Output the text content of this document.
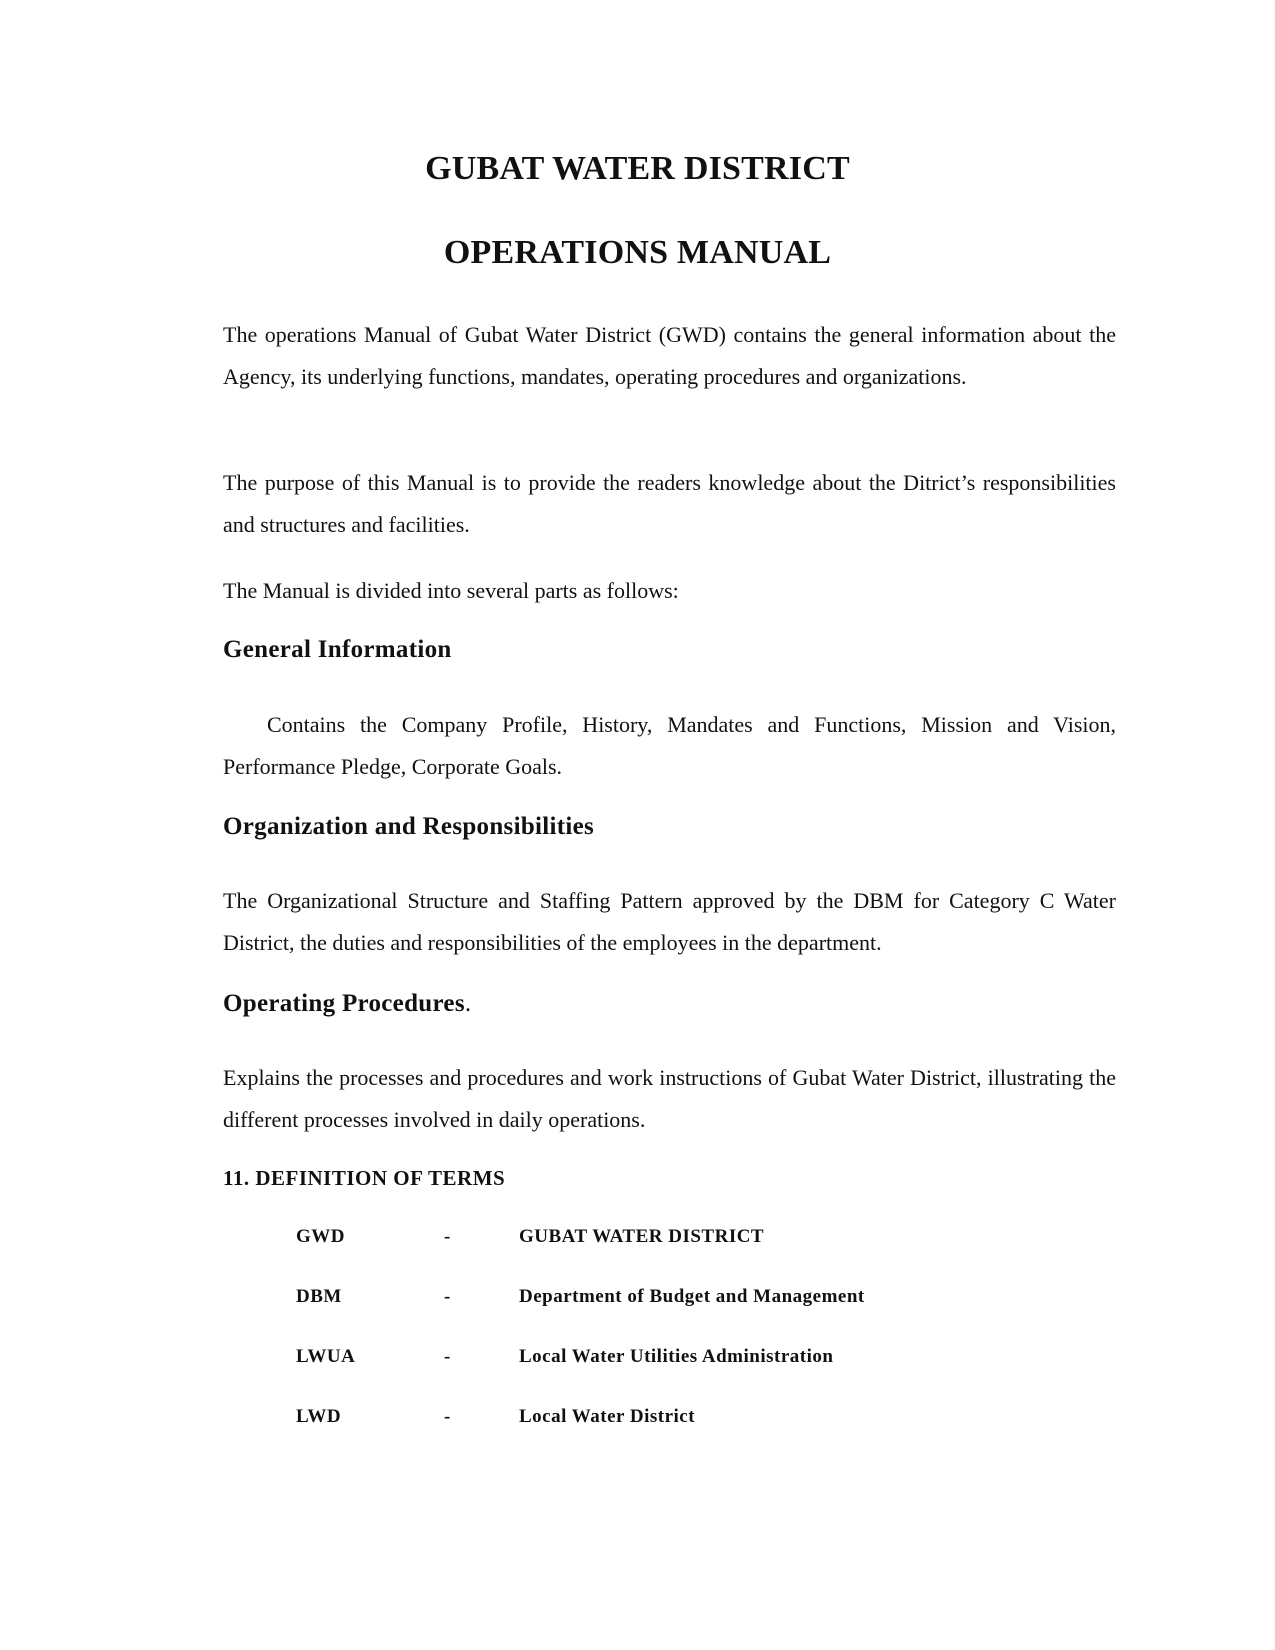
GUBAT WATER DISTRICT
OPERATIONS MANUAL

The operations Manual of Gubat Water District (GWD) contains the general information about the Agency, its underlying functions, mandates, operating procedures and organizations.

The purpose of this Manual is to provide the readers knowledge about the Ditrict’s responsibilities and structures and facilities.

The Manual is divided into several parts as follows:

General Information

Contains the Company Profile, History, Mandates and Functions, Mission and Vision, Performance Pledge, Corporate Goals.

Organization and Responsibilities

The Organizational Structure and Staffing Pattern approved by the DBM for Category C Water District, the duties and responsibilities of the employees in the department.

Operating Procedures.

Explains the processes and procedures and work instructions of Gubat Water District, illustrating the different processes involved in daily operations.

11. DEFINITION OF TERMS
GWD	-	GUBAT WATER DISTRICT
DBM	-	Department of Budget and Management
LWUA	-	Local Water Utilities Administration
LWD	-	Local Water District
